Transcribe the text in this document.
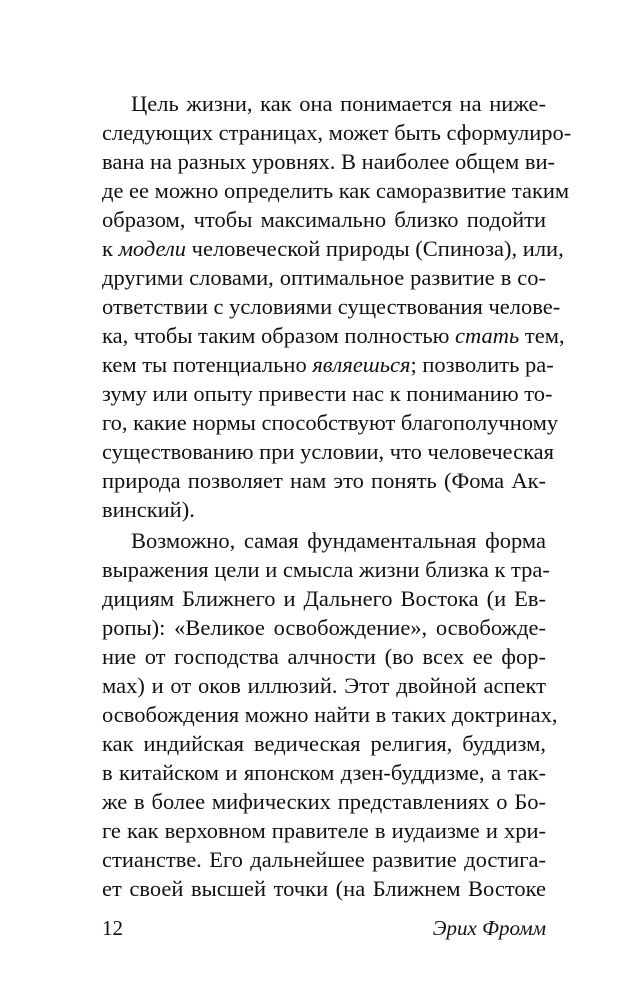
Цель жизни, как она понимается на ниже-
следующих страницах, может быть сформулиро-
вана на разных уровнях. В наиболее общем ви-
де ее можно определить как саморазвитие таким
образом, чтобы максимально близко подойти
к модели человеческой природы (Спиноза), или,
другими словами, оптимальное развитие в со-
ответствии с условиями существования челове-
ка, чтобы таким образом полностью стать тем,
кем ты потенциально являешься; позволить ра-
зуму или опыту привести нас к пониманию то-
го, какие нормы способствуют благополучному
существованию при условии, что человеческая
природа позволяет нам это понять (Фома Ак-
винский).
Возможно, самая фундаментальная форма
выражения цели и смысла жизни близка к тра-
дициям Ближнего и Дальнего Востока (и Ев-
ропы): «Великое освобождение», освобожде-
ние от господства алчности (во всех ее фор-
мах) и от оков иллюзий. Этот двойной аспект
освобождения можно найти в таких доктринах,
как индийская ведическая религия, буддизм,
в китайском и японском дзен-буддизме, а так-
же в более мифических представлениях о Бо-
ге как верховном правителе в иудаизме и хри-
стианстве. Его дальнейшее развитие достига-
ет своей высшей точки (на Ближнем Востоке
12	Эрих Фромм
